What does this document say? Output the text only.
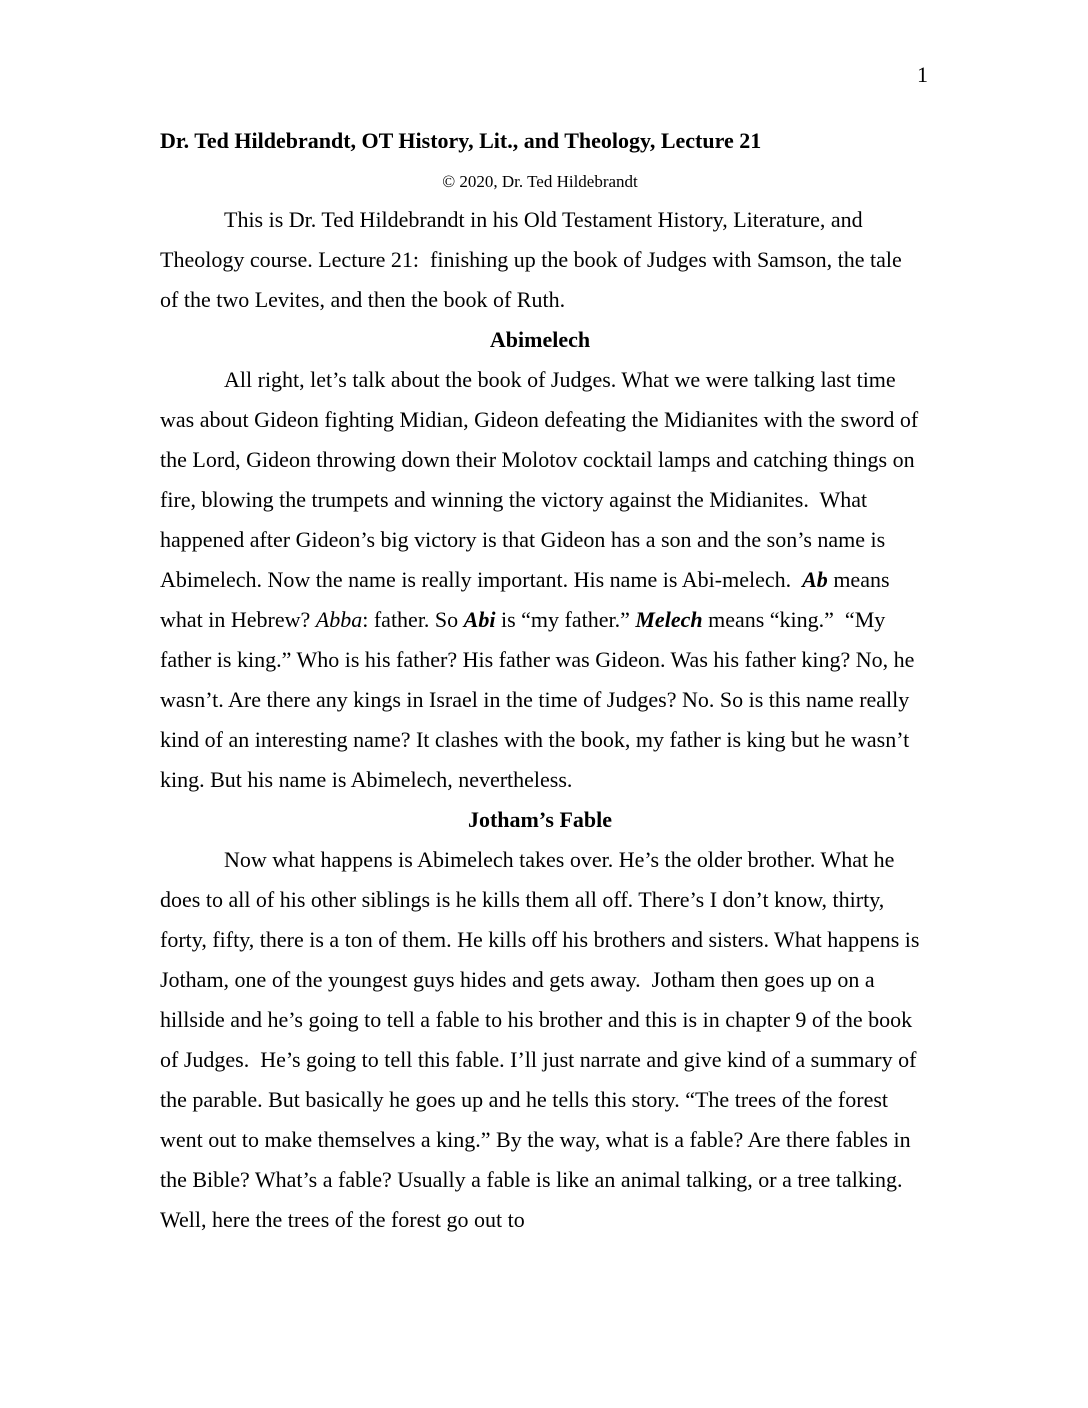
1
Dr. Ted Hildebrandt, OT History, Lit., and Theology, Lecture 21
© 2020, Dr. Ted Hildebrandt

This is Dr. Ted Hildebrandt in his Old Testament History, Literature, and Theology course. Lecture 21:  finishing up the book of Judges with Samson, the tale of the two Levites, and then the book of Ruth.

Abimelech

All right, let’s talk about the book of Judges. What we were talking last time was about Gideon fighting Midian, Gideon defeating the Midianites with the sword of the Lord, Gideon throwing down their Molotov cocktail lamps and catching things on fire, blowing the trumpets and winning the victory against the Midianites.  What happened after Gideon’s big victory is that Gideon has a son and the son’s name is Abimelech. Now the name is really important. His name is Abi-melech.  Ab means what in Hebrew? Abba: father. So Abi is “my father.” Melech means “king.”  “My father is king.” Who is his father? His father was Gideon. Was his father king? No, he wasn’t. Are there any kings in Israel in the time of Judges? No. So is this name really kind of an interesting name? It clashes with the book, my father is king but he wasn’t king. But his name is Abimelech, nevertheless.

Jotham’s Fable

Now what happens is Abimelech takes over. He’s the older brother. What he does to all of his other siblings is he kills them all off. There’s I don’t know, thirty, forty, fifty, there is a ton of them. He kills off his brothers and sisters. What happens is Jotham, one of the youngest guys hides and gets away.  Jotham then goes up on a hillside and he’s going to tell a fable to his brother and this is in chapter 9 of the book of Judges.  He’s going to tell this fable. I’ll just narrate and give kind of a summary of the parable. But basically he goes up and he tells this story. “The trees of the forest went out to make themselves a king.” By the way, what is a fable? Are there fables in the Bible? What’s a fable? Usually a fable is like an animal talking, or a tree talking.  Well, here the trees of the forest go out to
